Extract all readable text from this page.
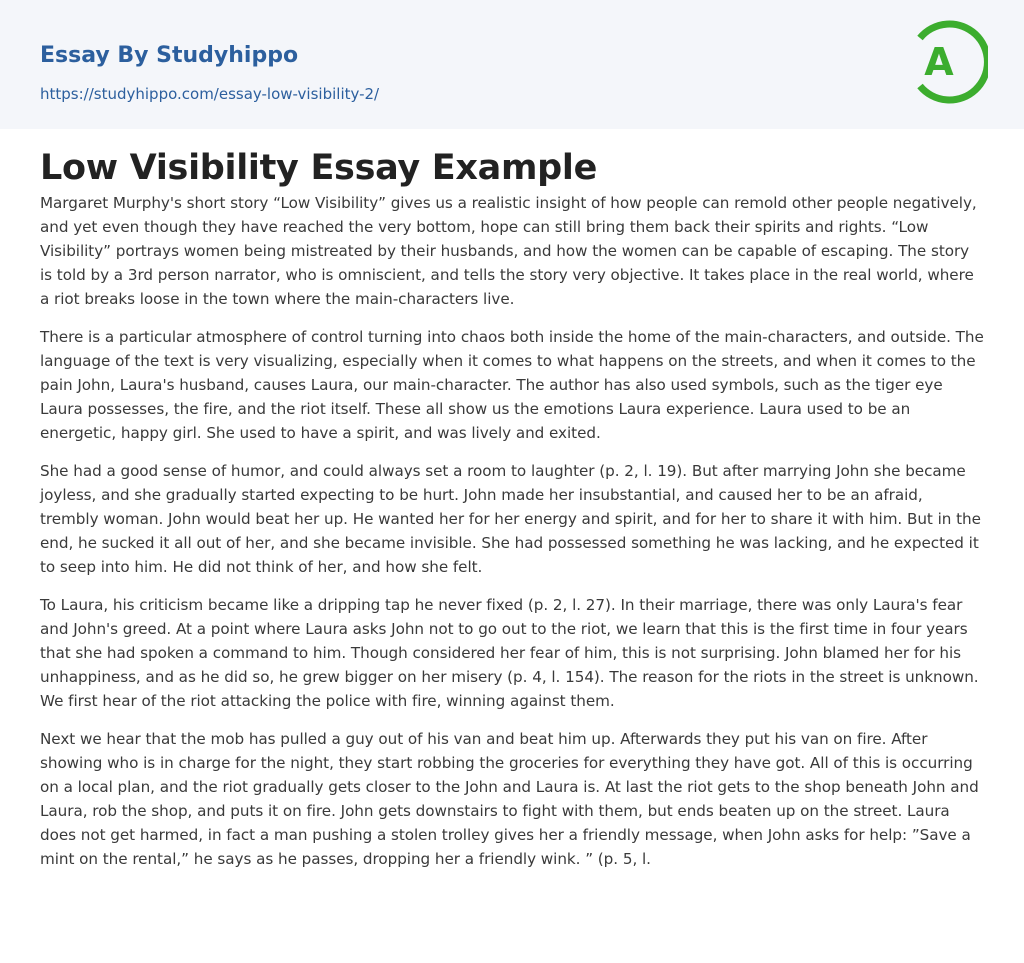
Essay By Studyhippo
https://studyhippo.com/essay-low-visibility-2/
A
Low Visibility Essay Example

Margaret Murphy's short story “Low Visibility” gives us a realistic insight of how people can remold other people negatively, and yet even though they have reached the very bottom, hope can still bring them back their spirits and rights. “Low Visibility” portrays women being mistreated by their husbands, and how the women can be capable of escaping. The story is told by a 3rd person narrator, who is omniscient, and tells the story very objective. It takes place in the real world, where a riot breaks loose in the town where the main-characters live.

There is a particular atmosphere of control turning into chaos both inside the home of the main-characters, and outside. The language of the text is very visualizing, especially when it comes to what happens on the streets, and when it comes to the pain John, Laura's husband, causes Laura, our main-character. The author has also used symbols, such as the tiger eye Laura possesses, the fire, and the riot itself. These all show us the emotions Laura experience. Laura used to be an energetic, happy girl. She used to have a spirit, and was lively and exited.

She had a good sense of humor, and could always set a room to laughter (p. 2, l. 19). But after marrying John she became joyless, and she gradually started expecting to be hurt. John made her insubstantial, and caused her to be an afraid, trembly woman. John would beat her up. He wanted her for her energy and spirit, and for her to share it with him. But in the end, he sucked it all out of her, and she became invisible. She had possessed something he was lacking, and he expected it to seep into him. He did not think of her, and how she felt.

To Laura, his criticism became like a dripping tap he never fixed (p. 2, l. 27). In their marriage, there was only Laura's fear and John's greed. At a point where Laura asks John not to go out to the riot, we learn that this is the first time in four years that she had spoken a command to him. Though considered her fear of him, this is not surprising. John blamed her for his unhappiness, and as he did so, he grew bigger on her misery (p. 4, l. 154). The reason for the riots in the street is unknown. We first hear of the riot attacking the police with fire, winning against them.

Next we hear that the mob has pulled a guy out of his van and beat him up. Afterwards they put his van on fire. After showing who is in charge for the night, they start robbing the groceries for everything they have got. All of this is occurring on a local plan, and the riot gradually gets closer to the John and Laura is. At last the riot gets to the shop beneath John and Laura, rob the shop, and puts it on fire. John gets downstairs to fight with them, but ends beaten up on the street. Laura does not get harmed, in fact a man pushing a stolen trolley gives her a friendly message, when John asks for help: ”Save a mint on the rental,” he says as he passes, dropping her a friendly wink. ” (p. 5, l.
